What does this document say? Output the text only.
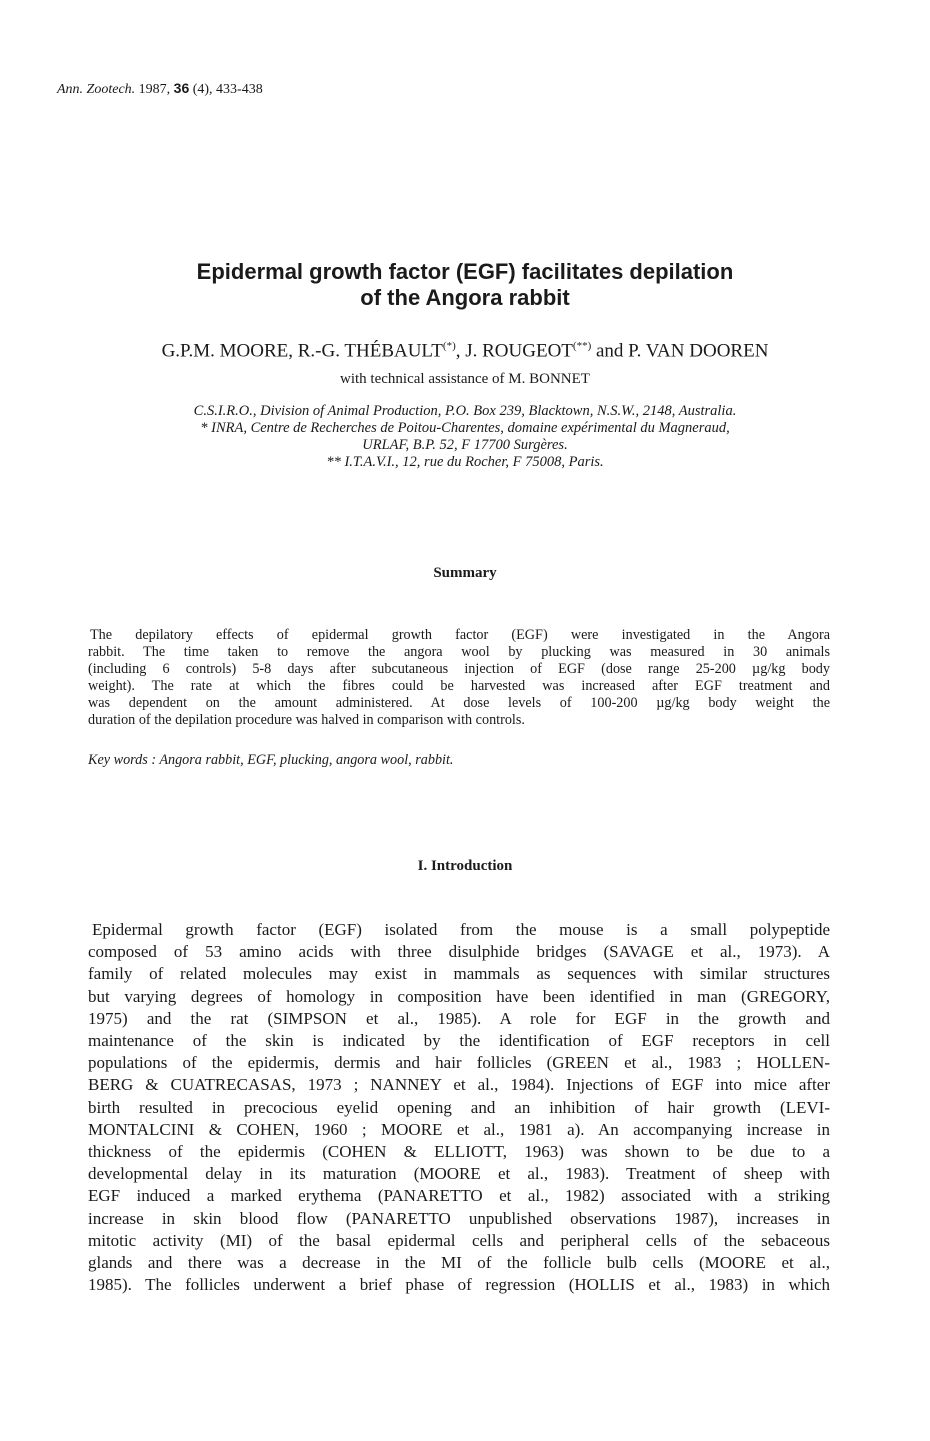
Ann. Zootech. 1987, 36 (4), 433-438
Epidermal growth factor (EGF) facilitates depilation
of the Angora rabbit
G.P.M. MOORE, R.-G. THÉBAULT(*), J. ROUGEOT(**) and P. VAN DOOREN
with technical assistance of M. BONNET
C.S.I.R.O., Division of Animal Production, P.O. Box 239, Blacktown, N.S.W., 2148, Australia.
* INRA, Centre de Recherches de Poitou-Charentes, domaine expérimental du Magneraud,
URLAF, B.P. 52, F 17700 Surgères.
** I.T.A.V.I., 12, rue du Rocher, F 75008, Paris.
Summary
The depilatory effects of epidermal growth factor (EGF) were investigated in the Angora
rabbit. The time taken to remove the angora wool by plucking was measured in 30 animals
(including 6 controls) 5-8 days after subcutaneous injection of EGF (dose range 25-200 µg/kg body
weight). The rate at which the fibres could be harvested was increased after EGF treatment and
was dependent on the amount administered. At dose levels of 100-200 µg/kg body weight the
duration of the depilation procedure was halved in comparison with controls.
Key words : Angora rabbit, EGF, plucking, angora wool, rabbit.
I. Introduction
Epidermal growth factor (EGF) isolated from the mouse is a small polypeptide
composed of 53 amino acids with three disulphide bridges (SAVAGE et al., 1973). A
family of related molecules may exist in mammals as sequences with similar structures
but varying degrees of homology in composition have been identified in man (GREGORY,
1975) and the rat (SIMPSON et al., 1985). A role for EGF in the growth and
maintenance of the skin is indicated by the identification of EGF receptors in cell
populations of the epidermis, dermis and hair follicles (GREEN et al., 1983 ; HOLLEN-
BERG & CUATRECASAS, 1973 ; NANNEY et al., 1984). Injections of EGF into mice after
birth resulted in precocious eyelid opening and an inhibition of hair growth (LEVI-
MONTALCINI & COHEN, 1960 ; MOORE et al., 1981 a). An accompanying increase in
thickness of the epidermis (COHEN & ELLIOTT, 1963) was shown to be due to a
developmental delay in its maturation (MOORE et al., 1983). Treatment of sheep with
EGF induced a marked erythema (PANARETTO et al., 1982) associated with a striking
increase in skin blood flow (PANARETTO unpublished observations 1987), increases in
mitotic activity (MI) of the basal epidermal cells and peripheral cells of the sebaceous
glands and there was a decrease in the MI of the follicle bulb cells (MOORE et al.,
1985). The follicles underwent a brief phase of regression (HOLLIS et al., 1983) in which
